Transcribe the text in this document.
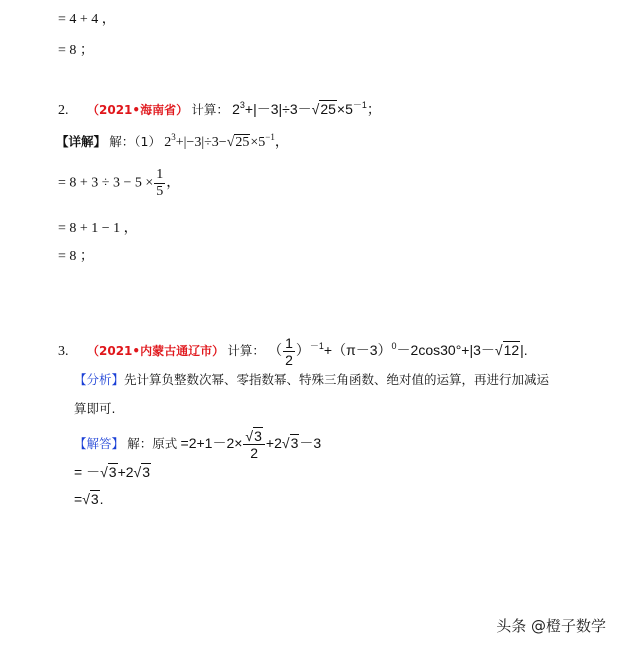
= 4 + 4 ，
= 8 ；
2. （2021•海南省） 计算： $2^3+|-3|\div 3-√25\times 5^{-1}$；
【详解】 解：（1） $2^3+|-3|\div 3-√25\times 5^{-1}$，
= $8 + 3 \div 3 - 5 \times \frac{1}{5}$ ，
= 8 + 1 − 1 ，
= 8 ；
3. （2021•内蒙古通辽市） 计算： （ $\frac{1}{2} )^{-1}+(\pi-3)^0-2\cos 30^\circ+|3-√12|$.
【分析】先计算负整数次幂、零指数幂、特殊三角函数、绝对值的运算，再进行加减运
算即可.
【解答】 解：原式 $=2+1-2\times \frac{√3}{2} +2√3-3$
= －√3+2√3
=√3.
头条 @橙子数学
